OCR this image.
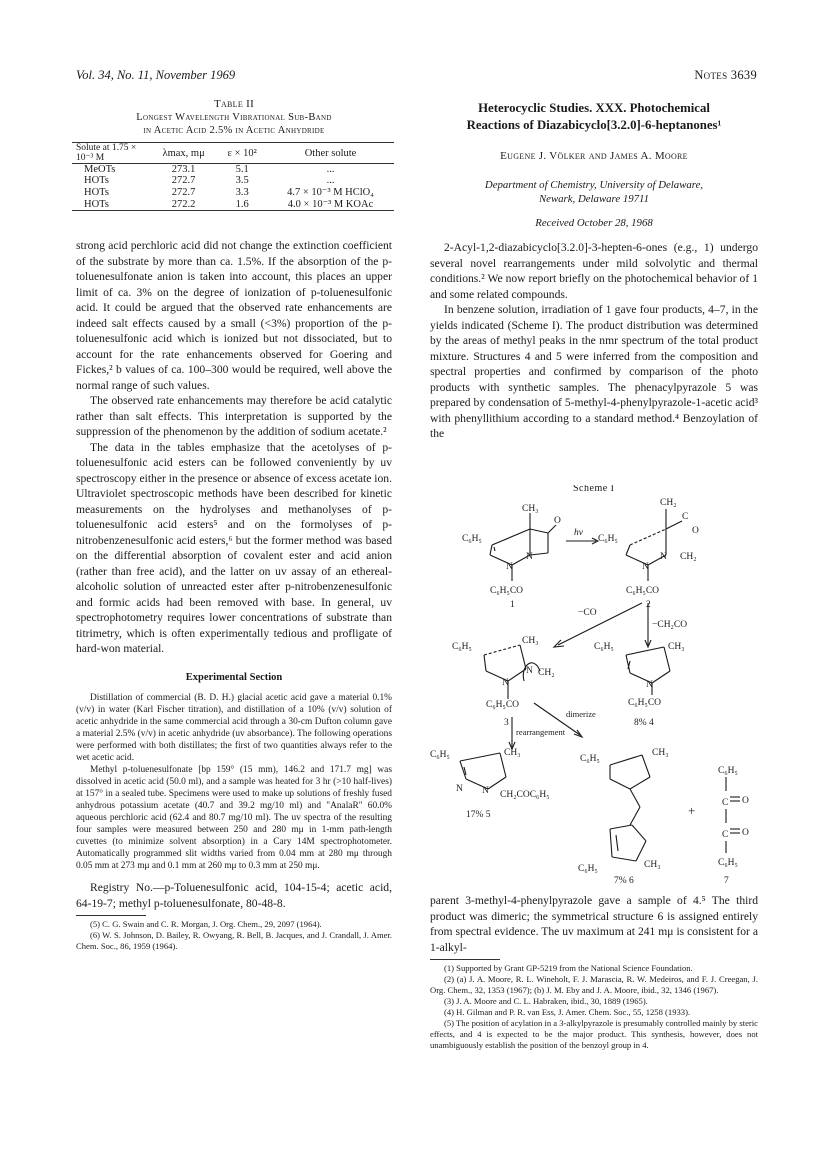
Vol. 34, No. 11, November 1969	Notes 3639
Table II
Longest Wavelength Vibrational Sub-Band
in Acetic Acid 2.5% in Acetic Anhydride
Solute at 1.75 × 10⁻³ M	λmax, mμ	ε × 10²	Other solute
MeOTs	273.1	5.1	...
HOTs	272.7	3.5	...
HOTs	272.7	3.3	4.7 × 10⁻³ M HClO₄
HOTs	272.2	1.6	4.0 × 10⁻³ M KOAc

strong acid perchloric acid did not change the extinction coefficient of the substrate by more than ca. 1.5%. If the absorption of the p-toluenesulfonate anion is taken into account, this places an upper limit of ca. 3% on the degree of ionization of p-toluenesulfonic acid. It could be argued that the observed rate enhancements are indeed salt effects caused by a small (<3%) proportion of the p-toluenesulfonic acid which is ionized but not dissociated, but to account for the rate enhancements observed for Goering and Fickes,² b values of ca. 100–300 would be required, well above the normal range of such values.

The observed rate enhancements may therefore be acid catalytic rather than salt effects. This interpretation is supported by the suppression of the phenomenon by the addition of sodium acetate.²

The data in the tables emphasize that the acetolyses of p-toluenesulfonic acid esters can be followed conveniently by uv spectroscopy either in the presence or absence of excess acetate ion. Ultraviolet spectroscopic methods have been described for kinetic measurements on the hydrolyses and methanolyses of p-toluenesulfonic acid esters⁵ and on the formolyses of p-nitrobenzenesulfonic acid esters,⁶ but the former method was based on the differential absorption of covalent ester and acid anion (rather than free acid), and the latter on uv assay of an ethereal-alcoholic solution of unreacted ester after p-nitrobenzenesulfonic and formic acids had been removed with base. In general, uv spectrophotometry requires lower concentrations of substrate than titrimetry, which is often experimentally tedious and profligate of hard-won material.

Experimental Section
Distillation of commercial (B. D. H.) glacial acetic acid gave a material 0.1% (v/v) in water (Karl Fischer titration), and distillation of a 10% (v/v) solution of acetic anhydride in the same commercial acid through a 30-cm Dufton column gave a material 2.5% (v/v) in acetic anhydride (uv absorbance). The following operations were performed with both distillates; the first of two quantities always refer to the wet acetic acid.
Methyl p-toluenesulfonate [bp 159° (15 mm), 146.2 and 171.7 mg] was dissolved in acetic acid (50.0 ml), and a sample was heated for 3 hr (>10 half-lives) at 157° in a sealed tube. Specimens were used to make up solutions of freshly fused anhydrous potassium acetate (40.7 and 39.2 mg/10 ml) and "AnalaR" 60.0% aqueous perchloric acid (62.4 and 80.7 mg/10 ml). The uv spectra of the resulting four samples were measured between 250 and 280 mμ in 1-mm path-length cuvettes (to minimize solvent absorption) in a Cary 14M spectrophotometer. Automatically programmed slit widths varied from 0.04 mm at 280 mμ through 0.05 mm at 273 mμ and 0.1 mm at 260 mμ to 0.3 mm at 250 mμ.
Registry No.—p-Toluenesulfonic acid, 104-15-4; acetic acid, 64-19-7; methyl p-toluenesulfonate, 80-48-8.
(5) C. G. Swain and C. R. Morgan, J. Org. Chem., 29, 2097 (1964).
(6) W. S. Johnson, D. Bailey, R. Owyang, R. Bell, B. Jacques, and J. Crandall, J. Amer. Chem. Soc., 86, 1959 (1964).
Heterocyclic Studies. XXX. Photochemical
Reactions of Diazabicyclo[3.2.0]-6-heptanones¹
Eugene J. Völker and James A. Moore
Department of Chemistry, University of Delaware,
Newark, Delaware 19711
Received October 28, 1968

2-Acyl-1,2-diazabicyclo[3.2.0]-3-hepten-6-ones (e.g., 1) undergo several novel rearrangements under mild solvolytic and thermal conditions.² We now report briefly on the photochemical behavior of 1 and some related compounds.

In benzene solution, irradiation of 1 gave four products, 4–7, in the yields indicated (Scheme I). The product distribution was determined by the areas of methyl peaks in the nmr spectrum of the total product mixture. Structures 4 and 5 were inferred from the composition and spectral properties and confirmed by comparison of the photo products with synthetic samples. The phenacylpyrazole 5 was prepared by condensation of 5-methyl-4-phenylpyrazole-1-acetic acid³ with phenyllithium according to a standard method.⁴ Benzoylation of the

Scheme I
C₆H₅
CH₃
O
N
N
C₆H₅CO
1
hν
C₆H₅
CH₂
C
O
N
N CH₂
C₆H₅CO
2
−CO
−CH₂CO
C₆H₅
CH₃
N CH₂
N
C₆H₅CO
3
C₆H₅	CH₃
N
C₆H₅CO
8% 4
dimerize
rearrangement
C₆H₅	CH₃
N N CH₂COC₆H₅
17% 5
C₆H₅
CH₃
C₆H₅	CH₃
7% 6
+
C₆H₅
C O
C O
C₆H₅
7

parent 3-methyl-4-phenylpyrazole gave a sample of 4.⁵ The third product was dimeric; the symmetrical structure 6 is assigned entirely from spectral evidence. The uv maximum at 241 mμ is consistent for a 1-alkyl-

(1) Supported by Grant GP-5219 from the National Science Foundation.
(2) (a) J. A. Moore, R. L. Wineholt, F. J. Marascia, R. W. Medeiros, and F. J. Creegan, J. Org. Chem., 32, 1353 (1967); (b) J. M. Eby and J. A. Moore, ibid., 32, 1346 (1967).
(3) J. A. Moore and C. L. Habraken, ibid., 30, 1889 (1965).
(4) H. Gilman and P. R. van Ess, J. Amer. Chem. Soc., 55, 1258 (1933).
(5) The position of acylation in a 3-alkylpyrazole is presumably controlled mainly by steric effects, and 4 is expected to be the major product. This synthesis, however, does not unambiguously establish the position of the benzoyl group in 4.
